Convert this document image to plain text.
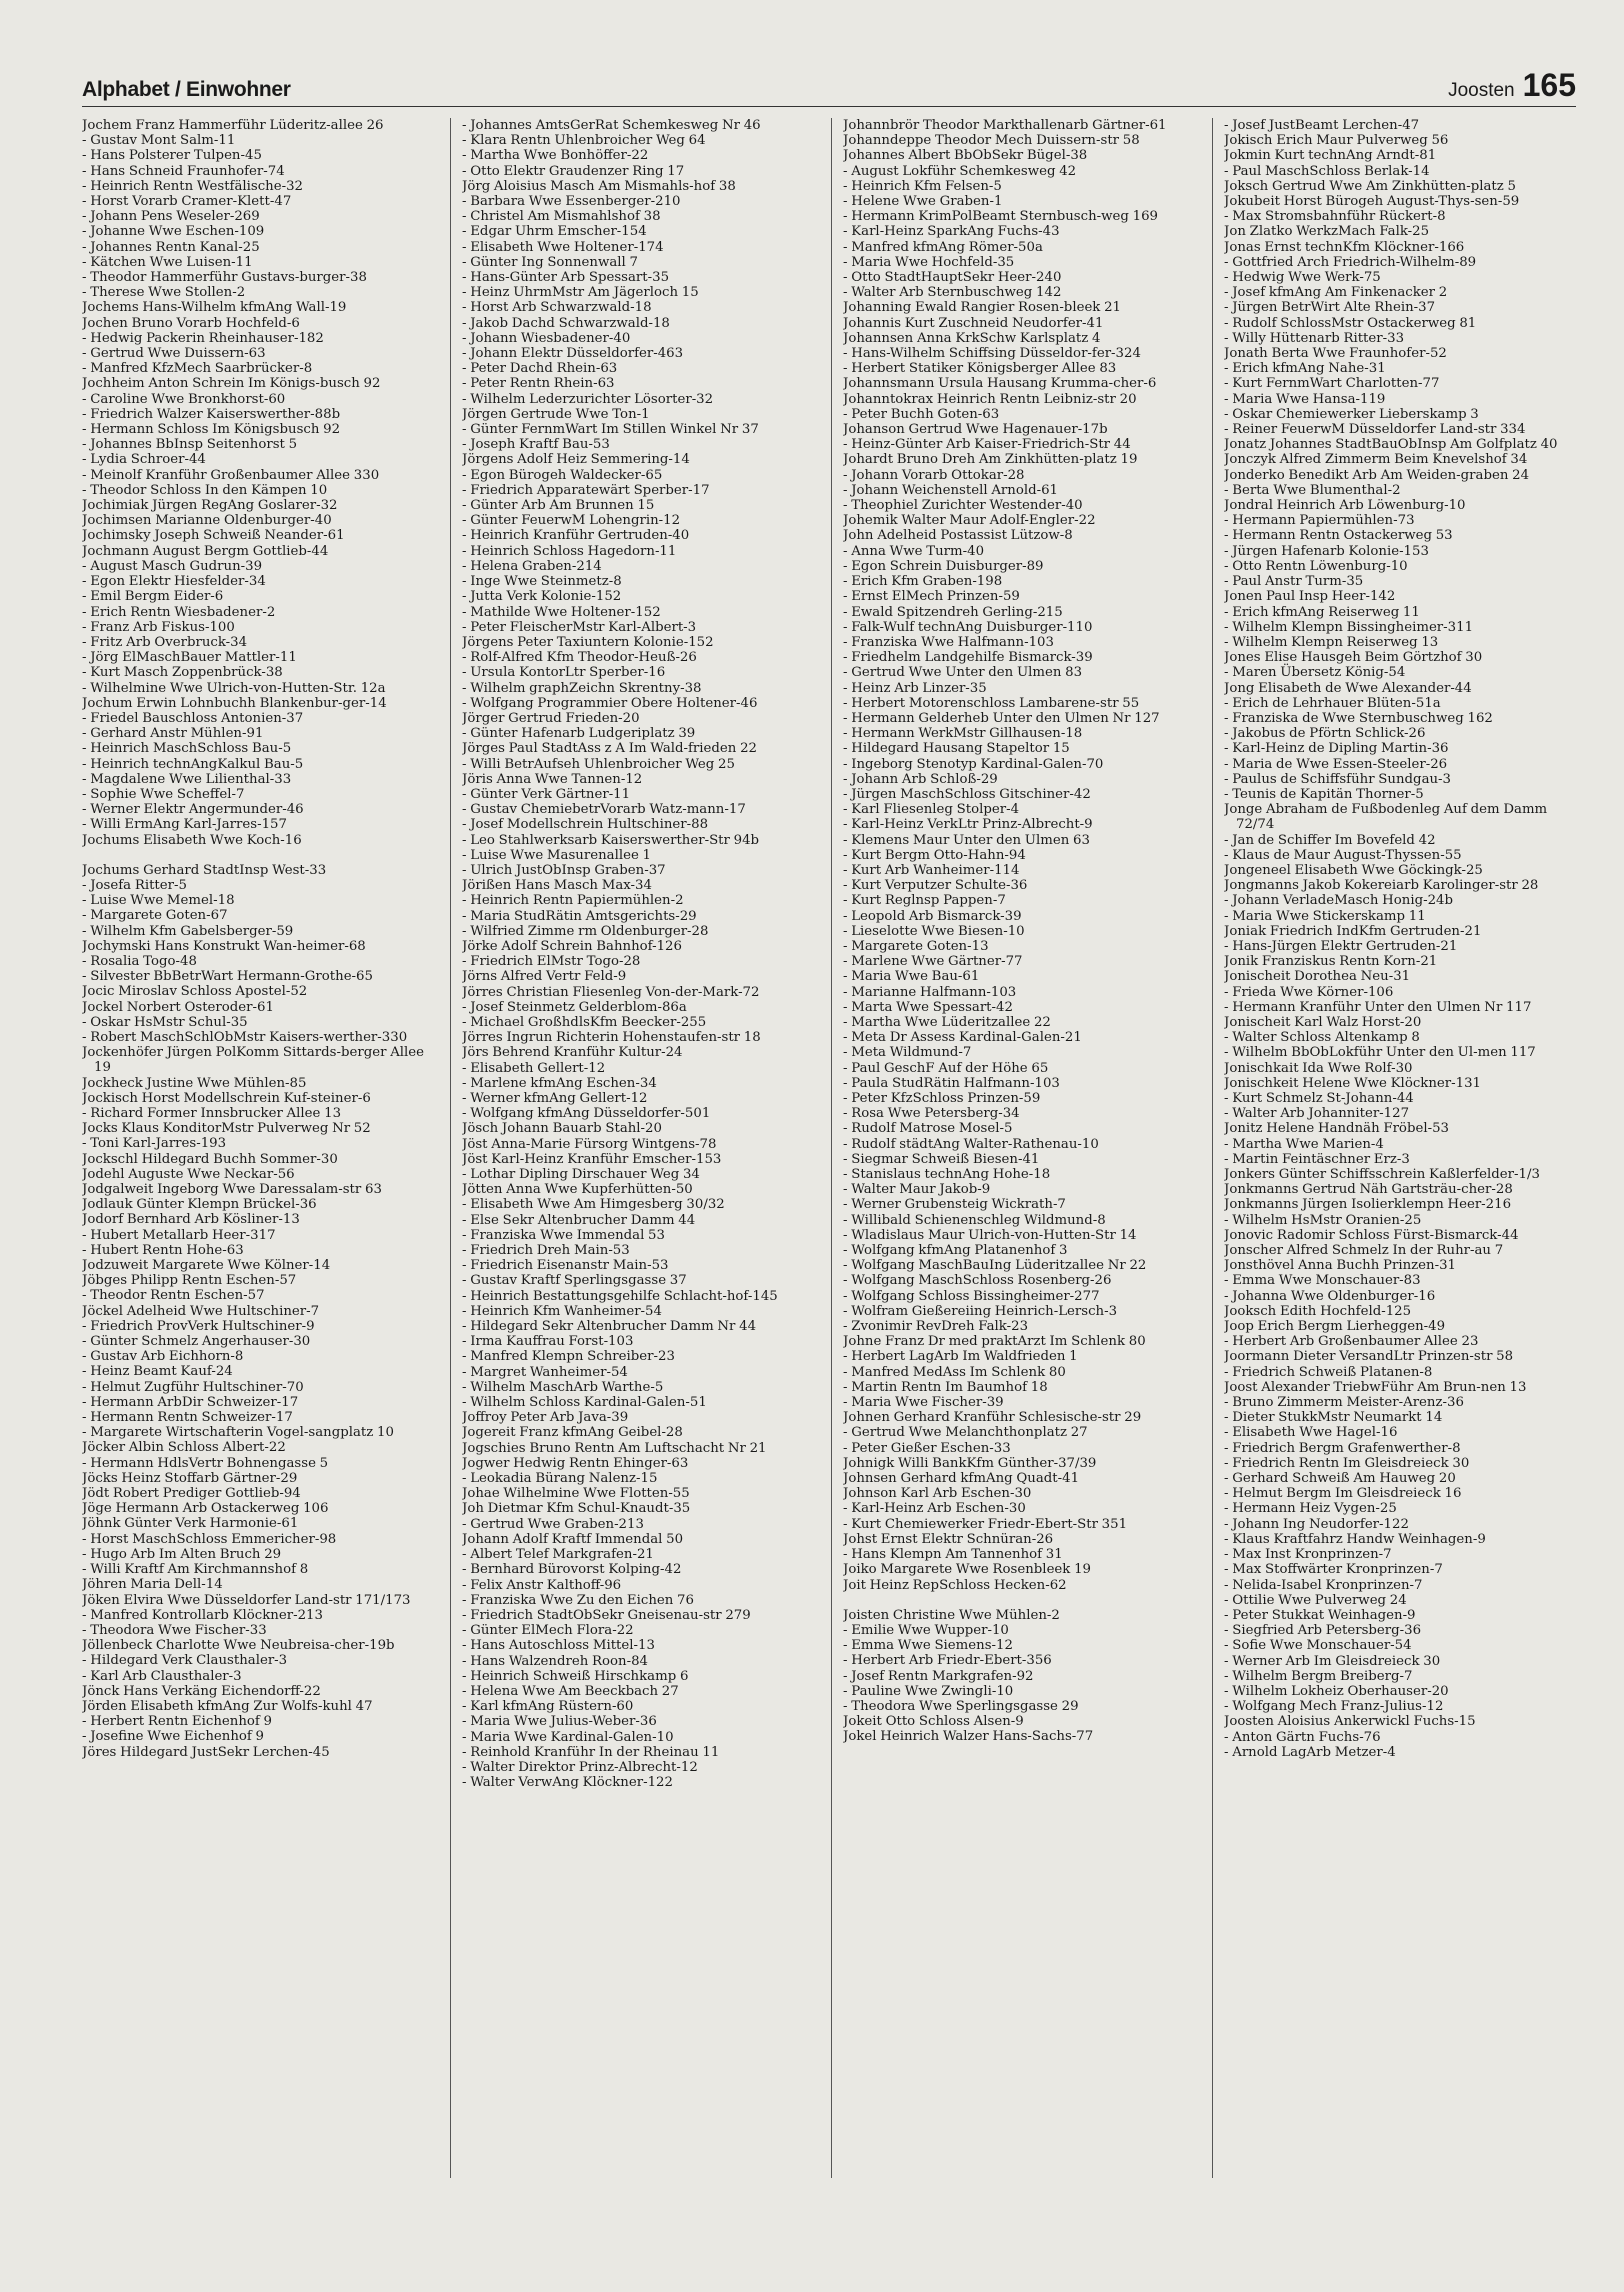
Alphabet / Einwohner	Joosten 165
Jochem Franz Hammerführ Lüderitz-allee 26
- Gustav Mont Salm-11
- Hans Polsterer Tulpen-45
- Hans Schneid Fraunhofer-74
- Heinrich Rentn Westfälische-32
- Horst Vorarb Cramer-Klett-47
- Johann Pens Weseler-269
- Johanne Wwe Eschen-109
- Johannes Rentn Kanal-25
- Kätchen Wwe Luisen-11
- Theodor Hammerführ Gustavs-burger-38
- Therese Wwe Stollen-2
Jochems Hans-Wilhelm kfmAng Wall-19
Jochen Bruno Vorarb Hochfeld-6
- Hedwig Packerin Rheinhauser-182
- Gertrud Wwe Duissern-63
- Manfred KfzMech Saarbrücker-8
Jochheim Anton Schrein Im Königs-busch 92
- Caroline Wwe Bronkhorst-60
- Friedrich Walzer Kaiserswerther-88b
- Hermann Schloss Im Königsbusch 92
- Johannes BbInsp Seitenhorst 5
- Lydia Schroer-44
- Meinolf Kranführ Großenbaumer Allee 330
- Theodor Schloss In den Kämpen 10
Jochimiak Jürgen RegAng Goslarer-32
Jochimsen Marianne Oldenburger-40
Jochimsky Joseph Schweiß Neander-61
Jochmann August Bergm Gottlieb-44
- August Masch Gudrun-39
- Egon Elektr Hiesfelder-34
- Emil Bergm Eider-6
- Erich Rentn Wiesbadener-2
- Franz Arb Fiskus-100
- Fritz Arb Overbruck-34
- Jörg ElMaschBauer Mattler-11
- Kurt Masch Zoppenbrück-38
- Wilhelmine Wwe Ulrich-von-Hutten-Str. 12a
Jochum Erwin Lohnbuchh Blankenbur-ger-14
- Friedel Bauschloss Antonien-37
- Gerhard Anstr Mühlen-91
- Heinrich MaschSchloss Bau-5
- Heinrich technAngKalkul Bau-5
- Magdalene Wwe Lilienthal-33
- Sophie Wwe Scheffel-7
- Werner Elektr Angermunder-46
- Willi ErmAng Karl-Jarres-157
Jochums Elisabeth Wwe Koch-16
Jochums Gerhard StadtInsp West-33
- Josefa Ritter-5
- Luise Wwe Memel-18
- Margarete Goten-67
- Wilhelm Kfm Gabelsberger-59
Jochymski Hans Konstrukt Wan-heimer-68
- Rosalia Togo-48
- Silvester BbBetrWart Hermann-Grothe-65
Jocic Miroslav Schloss Apostel-52
Jockel Norbert Osteroder-61
- Oskar HsMstr Schul-35
- Robert MaschSchlObMstr Kaisers-werther-330
Jockenhöfer Jürgen PolKomm Sittards-berger Allee 19
Jockheck Justine Wwe Mühlen-85
Jockisch Horst Modellschrein Kuf-steiner-6
- Richard Former Innsbrucker Allee 13
Jocks Klaus KonditorMstr Pulverweg Nr 52
- Toni Karl-Jarres-193
Jockschl Hildegard Buchh Sommer-30
Jodehl Auguste Wwe Neckar-56
Jodgalweit Ingeborg Wwe Daressalam-str 63
Jodlauk Günter Klempn Brückel-36
Jodorf Bernhard Arb Kösliner-13
- Hubert Metallarb Heer-317
- Hubert Rentn Hohe-63
Jodzuweit Margarete Wwe Kölner-14
Jöbges Philipp Rentn Eschen-57
- Theodor Rentn Eschen-57
Jöckel Adelheid Wwe Hultschiner-7
- Friedrich ProvVerk Hultschiner-9
- Günter Schmelz Angerhauser-30
- Gustav Arb Eichhorn-8
- Heinz Beamt Kauf-24
- Helmut Zugführ Hultschiner-70
- Hermann ArbDir Schweizer-17
- Hermann Rentn Schweizer-17
- Margarete Wirtschafterin Vogel-sangplatz 10
Jöcker Albin Schloss Albert-22
- Hermann HdlsVertr Bohnengasse 5
Jöcks Heinz Stoffarb Gärtner-29
Jödt Robert Prediger Gottlieb-94
Jöge Hermann Arb Ostackerweg 106
Jöhnk Günter Verk Harmonie-61
- Horst MaschSchloss Emmericher-98
- Hugo Arb Im Alten Bruch 29
- Willi Kraftf Am Kirchmannshof 8
Jöhren Maria Dell-14
Jöken Elvira Wwe Düsseldorfer Land-str 171/173
- Manfred Kontrollarb Klöckner-213
- Theodora Wwe Fischer-33
Jöllenbeck Charlotte Wwe Neubreisa-cher-19b
- Hildegard Verk Clausthaler-3
- Karl Arb Clausthaler-3
Jönck Hans Verkäng Eichendorff-22
Jörden Elisabeth kfmAng Zur Wolfs-kuhl 47
- Herbert Rentn Eichenhof 9
- Josefine Wwe Eichenhof 9
Jöres Hildegard JustSekr Lerchen-45
- Johannes AmtsGerRat Schemkesweg Nr 46
- Klara Rentn Uhlenbroicher Weg 64
- Martha Wwe Bonhöffer-22
- Otto Elektr Graudenzer Ring 17
Jörg Aloisius Masch Am Mismahls-hof 38
- Barbara Wwe Essenberger-210
- Christel Am Mismahlshof 38
- Edgar Uhrm Emscher-154
- Elisabeth Wwe Holtener-174
- Günter Ing Sonnenwall 7
- Hans-Günter Arb Spessart-35
- Heinz UhrmMstr Am Jägerloch 15
- Horst Arb Schwarzwald-18
- Jakob Dachd Schwarzwald-18
- Johann Wiesbadener-40
- Johann Elektr Düsseldorfer-463
- Peter Dachd Rhein-63
- Peter Rentn Rhein-63
- Wilhelm Lederzurichter Lösorter-32
Jörgen Gertrude Wwe Ton-1
- Günter FernmWart Im Stillen Winkel Nr 37
- Joseph Kraftf Bau-53
Jörgens Adolf Heiz Semmering-14
- Egon Bürogeh Waldecker-65
- Friedrich Apparatewärt Sperber-17
- Günter Arb Am Brunnen 15
- Günter FeuerwM Lohengrin-12
- Heinrich Kranführ Gertruden-40
- Heinrich Schloss Hagedorn-11
- Helena Graben-214
- Inge Wwe Steinmetz-8
- Jutta Verk Kolonie-152
- Mathilde Wwe Holtener-152
- Peter FleischerMstr Karl-Albert-3
Jörgens Peter Taxiuntern Kolonie-152
- Rolf-Alfred Kfm Theodor-Heuß-26
- Ursula KontorLtr Sperber-16
- Wilhelm graphZeichn Skrentny-38
- Wolfgang Programmier Obere Holtener-46
Jörger Gertrud Frieden-20
- Günter Hafenarb Ludgeriplatz 39
Jörges Paul StadtAss z A Im Wald-frieden 22
- Willi BetrAufseh Uhlenbroicher Weg 25
Jöris Anna Wwe Tannen-12
- Günter Verk Gärtner-11
- Gustav ChemiebetrVorarb Watz-mann-17
- Josef Modellschrein Hultschiner-88
- Leo Stahlwerksarb Kaiserswerther-Str 94b
- Luise Wwe Masurenallee 1
- Ulrich JustObInsp Graben-37
Jörißen Hans Masch Max-34
- Heinrich Rentn Papiermühlen-2
- Maria StudRätin Amtsgerichts-29
- Wilfried Zimme rm Oldenburger-28
Jörke Adolf Schrein Bahnhof-126
- Friedrich ElMstr Togo-28
Jörns Alfred Vertr Feld-9
Jörres Christian Fliesenleg Von-der-Mark-72
- Josef Steinmetz Gelderblom-86a
- Michael GroßhdlsKfm Beecker-255
Jörres Ingrun Richterin Hohenstaufen-str 18
Jörs Behrend Kranführ Kultur-24
- Elisabeth Gellert-12
- Marlene kfmAng Eschen-34
- Werner kfmAng Gellert-12
- Wolfgang kfmAng Düsseldorfer-501
Jösch Johann Bauarb Stahl-20
Jöst Anna-Marie Fürsorg Wintgens-78
Jöst Karl-Heinz Kranführ Emscher-153
- Lothar Dipling Dirschauer Weg 34
Jötten Anna Wwe Kupferhütten-50
- Elisabeth Wwe Am Himgesberg 30/32
- Else Sekr Altenbrucher Damm 44
- Franziska Wwe Immendal 53
- Friedrich Dreh Main-53
- Friedrich Eisenanstr Main-53
- Gustav Kraftf Sperlingsgasse 37
- Heinrich Bestattungsgehilfe Schlacht-hof-145
- Heinrich Kfm Wanheimer-54
- Hildegard Sekr Altenbrucher Damm Nr 44
- Irma Kauffrau Forst-103
- Manfred Klempn Schreiber-23
- Margret Wanheimer-54
- Wilhelm MaschArb Warthe-5
- Wilhelm Schloss Kardinal-Galen-51
Joffroy Peter Arb Java-39
Jogereit Franz kfmAng Geibel-28
Jogschies Bruno Rentn Am Luftschacht Nr 21
Jogwer Hedwig Rentn Ehinger-63
- Leokadia Bürang Nalenz-15
Johae Wilhelmine Wwe Flotten-55
Joh Dietmar Kfm Schul-Knaudt-35
- Gertrud Wwe Graben-213
Johann Adolf Kraftf Immendal 50
- Albert Telef Markgrafen-21
- Bernhard Bürovorst Kolping-42
- Felix Anstr Kalthoff-96
- Franziska Wwe Zu den Eichen 76
- Friedrich StadtObSekr Gneisenau-str 279
- Günter ElMech Flora-22
- Hans Autoschloss Mittel-13
- Hans Walzendreh Roon-84
- Heinrich Schweiß Hirschkamp 6
- Helena Wwe Am Beeckbach 27
- Karl kfmAng Rüstern-60
- Maria Wwe Julius-Weber-36
- Maria Wwe Kardinal-Galen-10
- Reinhold Kranführ In der Rheinau 11
- Walter Direktor Prinz-Albrecht-12
- Walter VerwAng Klöckner-122
Johannbrör Theodor Markthallenarb Gärtner-61
Johanndeppe Theodor Mech Duissern-str 58
Johannes Albert BbObSekr Bügel-38
- August Lokführ Schemkesweg 42
- Heinrich Kfm Felsen-5
- Helene Wwe Graben-1
- Hermann KrimPolBeamt Sternbusch-weg 169
- Karl-Heinz SparkAng Fuchs-43
- Manfred kfmAng Römer-50a
- Maria Wwe Hochfeld-35
- Otto StadtHauptSekr Heer-240
- Walter Arb Sternbuschweg 142
Johanning Ewald Rangier Rosen-bleek 21
Johannis Kurt Zuschneid Neudorfer-41
Johannsen Anna KrkSchw Karlsplatz 4
- Hans-Wilhelm Schiffsing Düsseldor-fer-324
- Herbert Statiker Königsberger Allee 83
Johannsmann Ursula Hausang Krumma-cher-6
Johanntokrax Heinrich Rentn Leibniz-str 20
- Peter Buchh Goten-63
Johanson Gertrud Wwe Hagenauer-17b
- Heinz-Günter Arb Kaiser-Friedrich-Str 44
Johardt Bruno Dreh Am Zinkhütten-platz 19
- Johann Vorarb Ottokar-28
- Johann Weichenstell Arnold-61
- Theophiel Zurichter Westender-40
Johemik Walter Maur Adolf-Engler-22
John Adelheid Postassist Lützow-8
- Anna Wwe Turm-40
- Egon Schrein Duisburger-89
- Erich Kfm Graben-198
- Ernst ElMech Prinzen-59
- Ewald Spitzendreh Gerling-215
- Falk-Wulf technAng Duisburger-110
- Franziska Wwe Halfmann-103
- Friedhelm Landgehilfe Bismarck-39
- Gertrud Wwe Unter den Ulmen 83
- Heinz Arb Linzer-35
- Herbert Motorenschloss Lambarene-str 55
- Hermann Gelderheb Unter den Ulmen Nr 127
- Hermann WerkMstr Gillhausen-18
- Hildegard Hausang Stapeltor 15
- Ingeborg Stenotyp Kardinal-Galen-70
- Johann Arb Schloß-29
- Jürgen MaschSchloss Gitschiner-42
- Karl Fliesenleg Stolper-4
- Karl-Heinz VerkLtr Prinz-Albrecht-9
- Klemens Maur Unter den Ulmen 63
- Kurt Bergm Otto-Hahn-94
- Kurt Arb Wanheimer-114
- Kurt Verputzer Schulte-36
- Kurt Reglnsp Pappen-7
- Leopold Arb Bismarck-39
- Lieselotte Wwe Biesen-10
- Margarete Goten-13
- Marlene Wwe Gärtner-77
- Maria Wwe Bau-61
- Marianne Halfmann-103
- Marta Wwe Spessart-42
- Martha Wwe Lüderitzallee 22
- Meta Dr Assess Kardinal-Galen-21
- Meta Wildmund-7
- Paul GeschF Auf der Höhe 65
- Paula StudRätin Halfmann-103
- Peter KfzSchloss Prinzen-59
- Rosa Wwe Petersberg-34
- Rudolf Matrose Mosel-5
- Rudolf städtAng Walter-Rathenau-10
- Siegmar Schweiß Biesen-41
- Stanislaus technAng Hohe-18
- Walter Maur Jakob-9
- Werner Grubensteig Wickrath-7
- Willibald Schienenschleg Wildmund-8
- Wladislaus Maur Ulrich-von-Hutten-Str 14
- Wolfgang kfmAng Platanenhof 3
- Wolfgang MaschBauIng Lüderitzallee Nr 22
- Wolfgang MaschSchloss Rosenberg-26
- Wolfgang Schloss Bissingheimer-277
- Wolfram Gießereiing Heinrich-Lersch-3
- Zvonimir RevDreh Falk-23
Johne Franz Dr med praktArzt Im Schlenk 80
- Herbert LagArb Im Waldfrieden 1
- Manfred MedAss Im Schlenk 80
- Martin Rentn Im Baumhof 18
- Maria Wwe Fischer-39
Johnen Gerhard Kranführ Schlesische-str 29
- Gertrud Wwe Melanchthonplatz 27
- Peter Gießer Eschen-33
Johnigk Willi BankKfm Günther-37/39
Johnsen Gerhard kfmAng Quadt-41
Johnson Karl Arb Eschen-30
- Karl-Heinz Arb Eschen-30
- Kurt Chemiewerker Friedr-Ebert-Str 351
Johst Ernst Elektr Schnüran-26
- Hans Klempn Am Tannenhof 31
Joiko Margarete Wwe Rosenbleek 19
Joit Heinz RepSchloss Hecken-62
Joisten Christine Wwe Mühlen-2
- Emilie Wwe Wupper-10
- Emma Wwe Siemens-12
- Herbert Arb Friedr-Ebert-356
- Josef Rentn Markgrafen-92
- Pauline Wwe Zwingli-10
- Theodora Wwe Sperlingsgasse 29
Jokeit Otto Schloss Alsen-9
Jokel Heinrich Walzer Hans-Sachs-77
- Josef JustBeamt Lerchen-47
Jokisch Erich Maur Pulverweg 56
Jokmin Kurt technAng Arndt-81
- Paul MaschSchloss Berlak-14
Joksch Gertrud Wwe Am Zinkhütten-platz 5
Jokubeit Horst Bürogeh August-Thys-sen-59
- Max Stromsbahnführ Rückert-8
Jon Zlatko WerkzMach Falk-25
Jonas Ernst technKfm Klöckner-166
- Gottfried Arch Friedrich-Wilhelm-89
- Hedwig Wwe Werk-75
- Josef kfmAng Am Finkenacker 2
- Jürgen BetrWirt Alte Rhein-37
- Rudolf SchlossMstr Ostackerweg 81
- Willy Hüttenarb Ritter-33
Jonath Berta Wwe Fraunhofer-52
- Erich kfmAng Nahe-31
- Kurt FernmWart Charlotten-77
- Maria Wwe Hansa-119
- Oskar Chemiewerker Lieberskamp 3
- Reiner FeuerwM Düsseldorfer Land-str 334
Jonatz Johannes StadtBauObInsp Am Golfplatz 40
Jonczyk Alfred Zimmerm Beim Knevelshof 34
Jonderko Benedikt Arb Am Weiden-graben 24
- Berta Wwe Blumenthal-2
Jondral Heinrich Arb Löwenburg-10
- Hermann Papiermühlen-73
- Hermann Rentn Ostackerweg 53
- Jürgen Hafenarb Kolonie-153
- Otto Rentn Löwenburg-10
- Paul Anstr Turm-35
Jonen Paul Insp Heer-142
- Erich kfmAng Reiserweg 11
- Wilhelm Klempn Bissingheimer-311
- Wilhelm Klempn Reiserweg 13
Jones Elise Hausgeh Beim Görtzhof 30
- Maren Übersetz König-54
Jong Elisabeth de Wwe Alexander-44
- Erich de Lehrhauer Blüten-51a
- Franziska de Wwe Sternbuschweg 162
- Jakobus de Pförtn Schlick-26
- Karl-Heinz de Dipling Martin-36
- Maria de Wwe Essen-Steeler-26
- Paulus de Schiffsführ Sundgau-3
- Teunis de Kapitän Thorner-5
Jonge Abraham de Fußbodenleg Auf dem Damm 72/74
- Jan de Schiffer Im Bovefeld 42
- Klaus de Maur August-Thyssen-55
Jongeneel Elisabeth Wwe Göckingk-25
Jongmanns Jakob Kokereiarb Karolinger-str 28
- Johann VerladeMasch Honig-24b
- Maria Wwe Stickerskamp 11
Joniak Friedrich IndKfm Gertruden-21
- Hans-Jürgen Elektr Gertruden-21
Jonik Franziskus Rentn Korn-21
Jonischeit Dorothea Neu-31
- Frieda Wwe Körner-106
- Hermann Kranführ Unter den Ulmen Nr 117
Jonischeit Karl Walz Horst-20
- Walter Schloss Altenkamp 8
- Wilhelm BbObLokführ Unter den Ul-men 117
Jonischkait Ida Wwe Rolf-30
Jonischkeit Helene Wwe Klöckner-131
- Kurt Schmelz St-Johann-44
- Walter Arb Johanniter-127
Jonitz Helene Handnäh Fröbel-53
- Martha Wwe Marien-4
- Martin Feintäschner Erz-3
Jonkers Günter Schiffsschrein Kaßlerfelder-1/3
Jonkmanns Gertrud Näh Gartsträu-cher-28
Jonkmanns Jürgen Isolierklempn Heer-216
- Wilhelm HsMstr Oranien-25
Jonovic Radomir Schloss Fürst-Bismarck-44
Jonscher Alfred Schmelz In der Ruhr-au 7
Jonsthövel Anna Buchh Prinzen-31
- Emma Wwe Monschauer-83
- Johanna Wwe Oldenburger-16
Jooksch Edith Hochfeld-125
Joop Erich Bergm Lierheggen-49
- Herbert Arb Großenbaumer Allee 23
Joormann Dieter VersandLtr Prinzen-str 58
- Friedrich Schweiß Platanen-8
Joost Alexander TriebwFühr Am Brun-nen 13
- Bruno Zimmerm Meister-Arenz-36
- Dieter StukkMstr Neumarkt 14
- Elisabeth Wwe Hagel-16
- Friedrich Bergm Grafenwerther-8
- Friedrich Rentn Im Gleisdreieck 30
- Gerhard Schweiß Am Hauweg 20
- Helmut Bergm Im Gleisdreieck 16
- Hermann Heiz Vygen-25
- Johann Ing Neudorfer-122
- Klaus Kraftfahrz Handw Weinhagen-9
- Max Inst Kronprinzen-7
- Max Stoffwärter Kronprinzen-7
- Nelida-Isabel Kronprinzen-7
- Ottilie Wwe Pulverweg 24
- Peter Stukkat Weinhagen-9
- Siegfried Arb Petersberg-36
- Sofie Wwe Monschauer-54
- Werner Arb Im Gleisdreieck 30
- Wilhelm Bergm Breiberg-7
- Wilhelm Lokheiz Oberhauser-20
- Wolfgang Mech Franz-Julius-12
Joosten Aloisius Ankerwickl Fuchs-15
- Anton Gärtn Fuchs-76
- Arnold LagArb Metzer-4
